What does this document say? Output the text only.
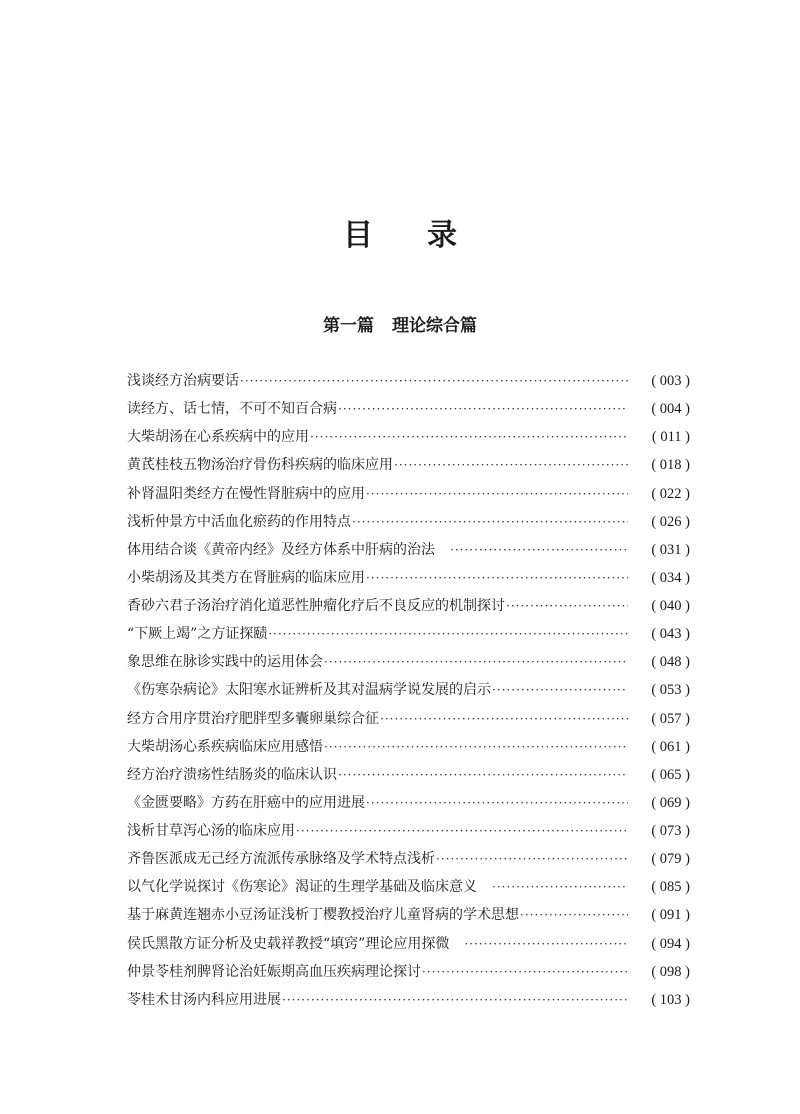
目 录
第一篇 理论综合篇
浅谈经方治病要话 ·····	( 003 )
读经方、话七情，不可不知百合病 ·····	( 004 )
大柴胡汤在心系疾病中的应用 ·····	( 011 )
黄芪桂枝五物汤治疗骨伤科疾病的临床应用 ·····	( 018 )
补肾温阳类经方在慢性肾脏病中的应用 ·····	( 022 )
浅析仲景方中活血化瘀药的作用特点 ·····	( 026 )
体用结合谈《黄帝内经》及经方体系中肝病的治法　 ·····	( 031 )
小柴胡汤及其类方在肾脏病的临床应用 ·····	( 034 )
香砂六君子汤治疗消化道恶性肿瘤化疗后不良反应的机制探讨 ·····	( 040 )
“下厥上竭”之方证探赜 ·····	( 043 )
象思维在脉诊实践中的运用体会 ·····	( 048 )
《伤寒杂病论》太阳寒水证辨析及其对温病学说发展的启示 ·····	( 053 )
经方合用序贯治疗肥胖型多囊卵巢综合征 ·····	( 057 )
大柴胡汤心系疾病临床应用感悟 ·····	( 061 )
经方治疗溃疡性结肠炎的临床认识 ·····	( 065 )
《金匮要略》方药在肝癌中的应用进展 ·····	( 069 )
浅析甘草泻心汤的临床应用 ·····	( 073 )
齐鲁医派成无己经方流派传承脉络及学术特点浅析 ·····	( 079 )
以气化学说探讨《伤寒论》渴证的生理学基础及临床意义　 ·····	( 085 )
基于麻黄连翘赤小豆汤证浅析丁樱教授治疗儿童肾病的学术思想 ·····	( 091 )
侯氏黑散方证分析及史载祥教授“填窍”理论应用探微　 ·····	( 094 )
仲景苓桂剂脾肾论治妊娠期高血压疾病理论探讨 ·····	( 098 )
苓桂术甘汤内科应用进展 ·····	( 103 )
